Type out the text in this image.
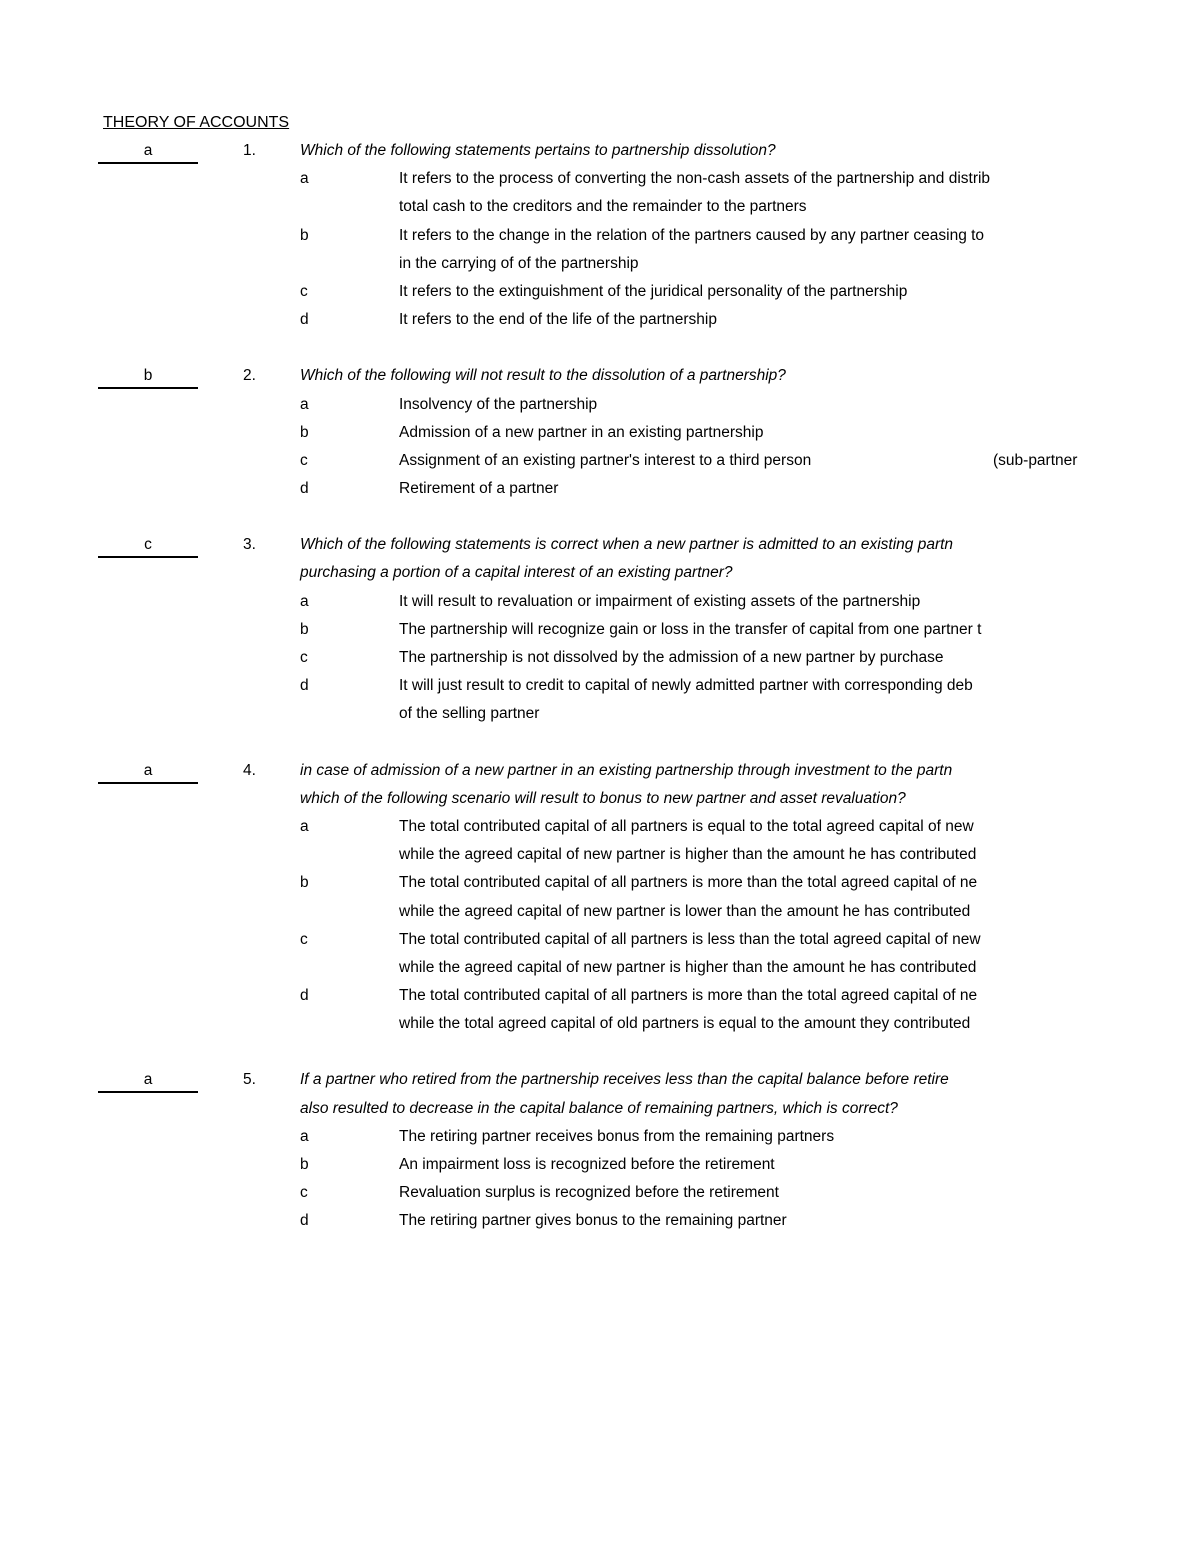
THEORY OF ACCOUNTS
a	1.	Which of the following statements pertains to partnership dissolution?
a	It refers to the process of converting the non-cash assets of the partnership and distrib
total cash to the creditors and the remainder to the partners
b	It refers to the change in the relation of the partners caused by any partner ceasing to
in the carrying of of the partnership
c	It refers to the extinguishment of the juridical personality of the partnership
d	It refers to the end of the life of the partnership
b	2.	Which of the following will not result to the dissolution of a partnership?
a	Insolvency of the partnership
b	Admission of a new partner in an existing partnership
c	Assignment of an existing partner's interest to a third person	(sub-partner
d	Retirement of a partner
c	3.	Which of the following statements is correct when a new partner is admitted to an existing partn
purchasing a portion of a capital interest of an existing partner?
a	It will result to revaluation or impairment of existing assets of the partnership
b	The partnership will recognize gain or loss in the transfer of capital from one partner t
c	The partnership is not dissolved by the admission of a new partner by purchase
d	It will just result to credit to capital of newly admitted partner with corresponding deb
of the selling partner
a	4.	in case of admission of a new partner in an existing partnership through investment to the partn
which of the following scenario will result to bonus to new partner and asset revaluation?
a	The total contributed capital of all partners is equal to the total agreed capital of new
while the agreed capital of new partner is higher than the amount he has contributed
b	The total contributed capital of all partners is more than the total agreed capital of ne
while the agreed capital of new partner is lower than the amount he has contributed
c	The total contributed capital of all partners is less than the total agreed capital of new
while the agreed capital of new partner is higher than the amount he has contributed
d	The total contributed capital of all partners is more than the total agreed capital of ne
while the total agreed capital of old partners is equal to the amount they contributed
a	5.	If a partner who retired from the partnership receives less than the capital balance before retire
also resulted to decrease in the capital balance of remaining partners, which is correct?
a	The retiring partner receives bonus from the remaining partners
b	An impairment loss is recognized before the retirement
c	Revaluation surplus is recognized before the retirement
d	The retiring partner gives bonus to the remaining partner
